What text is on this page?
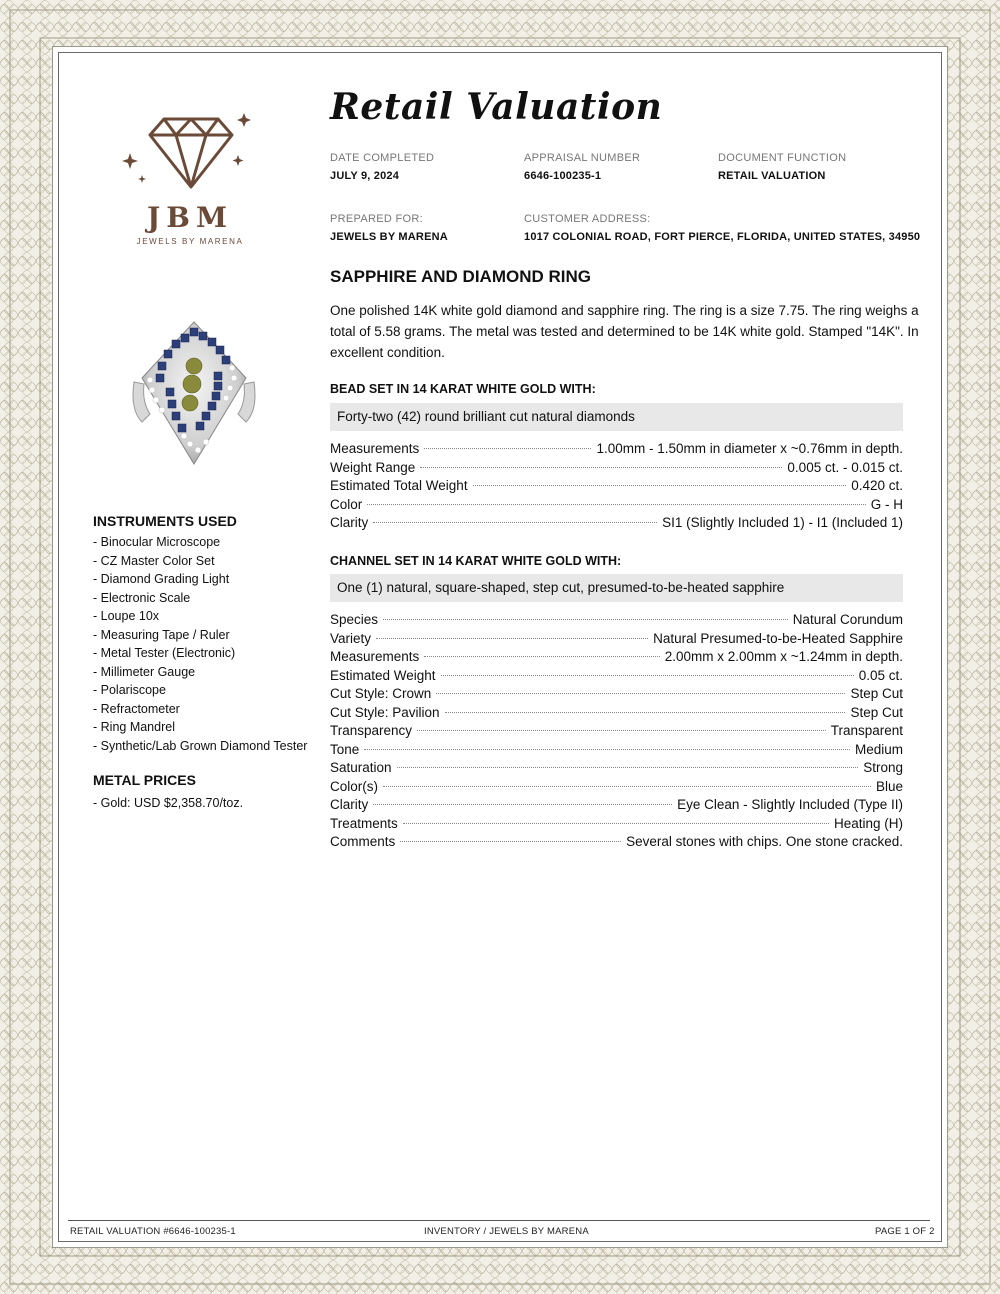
JBM
JEWELS BY MARENA
Retail Valuation
DATE COMPLETED
JULY 9, 2024
APPRAISAL NUMBER
6646-100235-1
DOCUMENT FUNCTION
RETAIL VALUATION
PREPARED FOR:
JEWELS BY MARENA
CUSTOMER ADDRESS:
1017 COLONIAL ROAD, FORT PIERCE, FLORIDA, UNITED STATES, 34950
SAPPHIRE AND DIAMOND RING
One polished 14K white gold diamond and sapphire ring. The ring is a size 7.75. The ring weighs a total of 5.58 grams. The metal was tested and determined to be 14K white gold. Stamped "14K". In excellent condition.
BEAD SET IN 14 KARAT WHITE GOLD WITH:
Forty-two (42) round brilliant cut natural diamonds
Measurements	1.00mm - 1.50mm in diameter x ~0.76mm in depth.
Weight Range	0.005 ct. - 0.015 ct.
Estimated Total Weight	0.420 ct.
Color	G - H
Clarity	SI1 (Slightly Included 1) - I1 (Included 1)
CHANNEL SET IN 14 KARAT WHITE GOLD WITH:
One (1) natural, square-shaped, step cut, presumed-to-be-heated sapphire
Species	Natural Corundum
Variety	Natural Presumed-to-be-Heated Sapphire
Measurements	2.00mm x 2.00mm x ~1.24mm in depth.
Estimated Weight	0.05 ct.
Cut Style: Crown	Step Cut
Cut Style: Pavilion	Step Cut
Transparency	Transparent
Tone	Medium
Saturation	Strong
Color(s)	Blue
Clarity	Eye Clean - Slightly Included (Type II)
Treatments	Heating (H)
Comments	Several stones with chips. One stone cracked.
INSTRUMENTS USED
- Binocular Microscope
- CZ Master Color Set
- Diamond Grading Light
- Electronic Scale
- Loupe 10x
- Measuring Tape / Ruler
- Metal Tester (Electronic)
- Millimeter Gauge
- Polariscope
- Refractometer
- Ring Mandrel
- Synthetic/Lab Grown Diamond Tester
METAL PRICES
- Gold: USD $2,358.70/toz.
RETAIL VALUATION #6646-100235-1	INVENTORY / JEWELS BY MARENA	PAGE 1 OF 2
